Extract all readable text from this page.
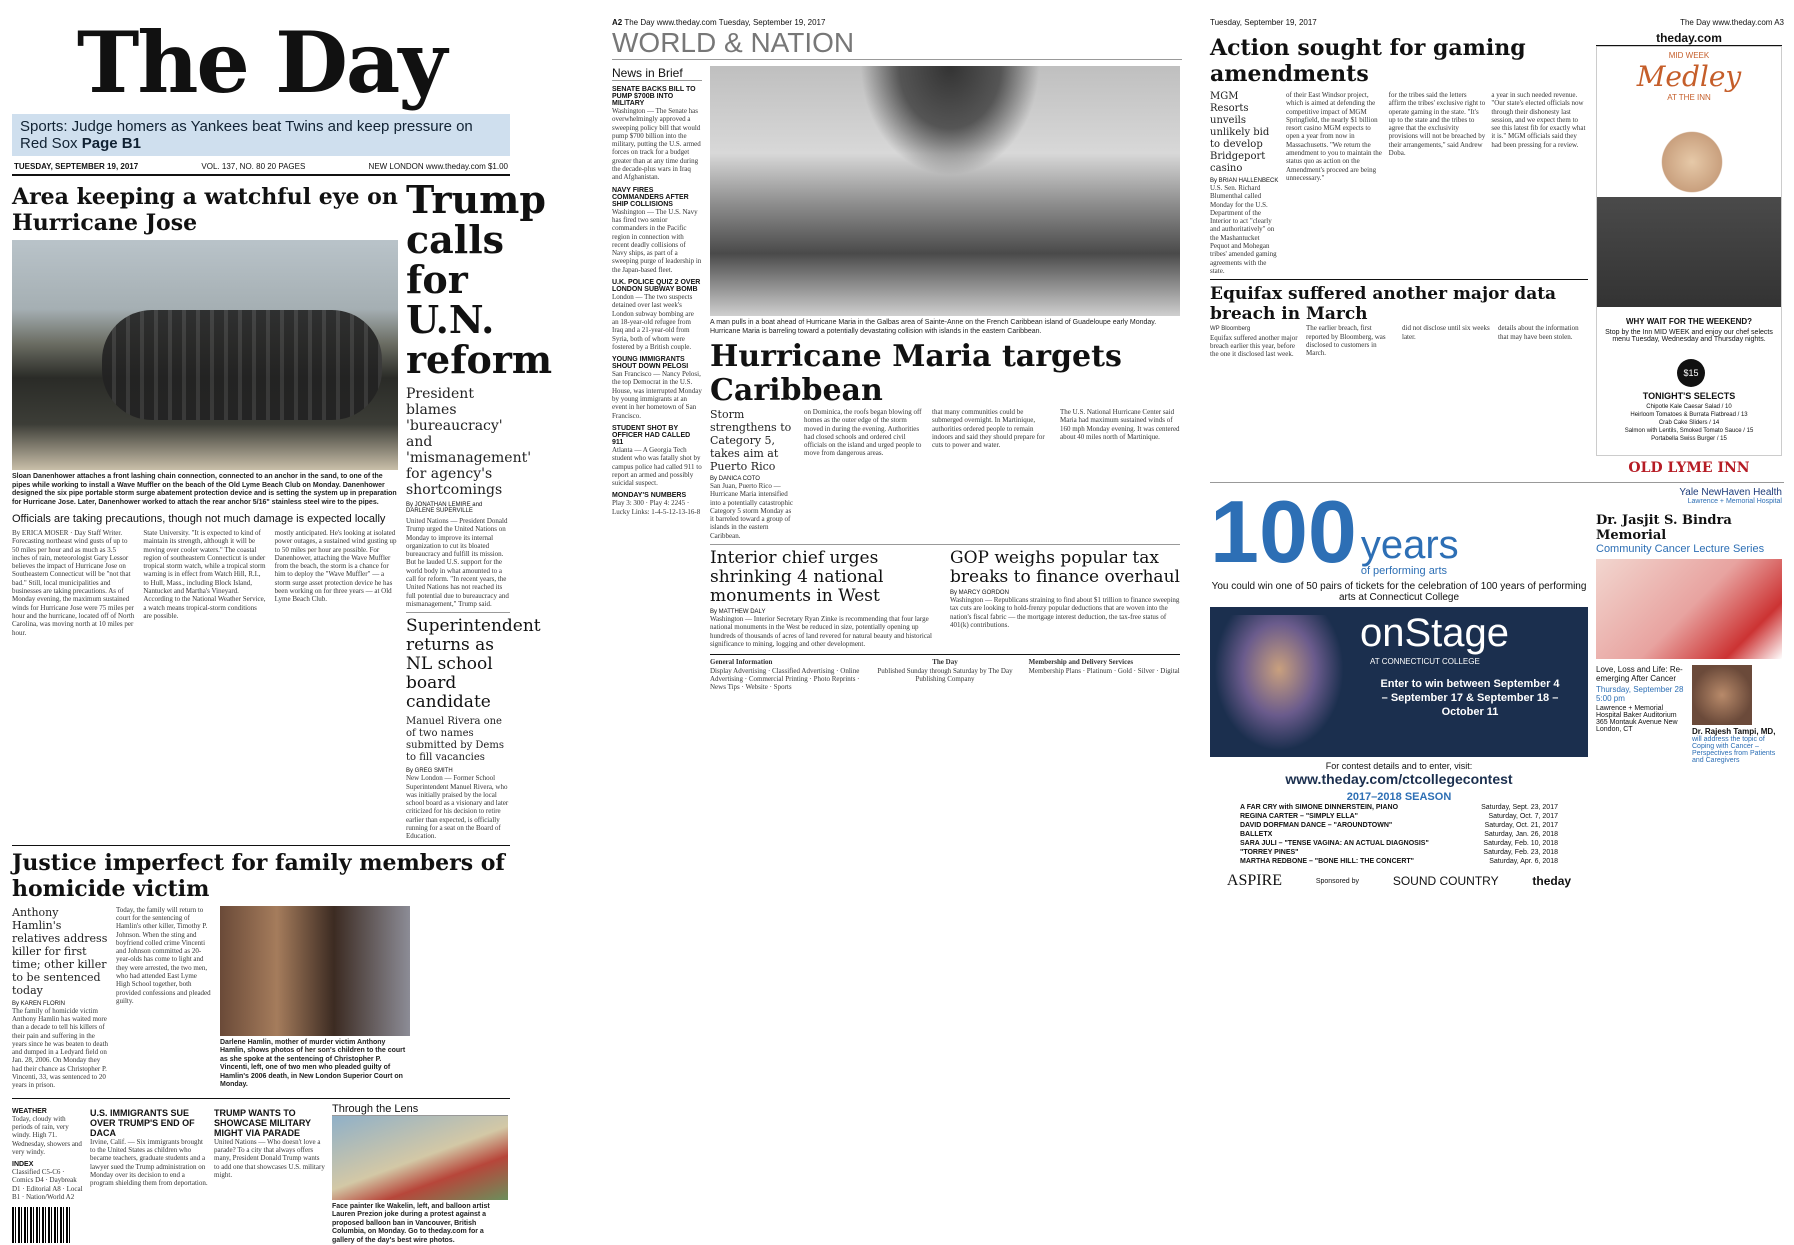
The Day
Sports: Judge homers as Yankees beat Twins and keep pressure on Red Sox Page B1
TUESDAY, SEPTEMBER 19, 2017	VOL. 137, NO. 80 20 PAGES	NEW LONDON www.theday.com $1.00
Area keeping a watchful eye on Hurricane Jose
Sloan Danenhower attaches a front lashing chain connection, connected to an anchor in the sand, to one of the pipes while working to install a Wave Muffler on the beach of the Old Lyme Beach Club on Monday. Danenhower designed the six pipe portable storm surge abatement protection device and is setting the system up in preparation for Hurricane Jose. Later, Danenhower worked to attach the rear anchor 5/16" stainless steel wire to the pipes.
Officials are taking precautions, though not much damage is expected locally
By ERICA MOSER · Day Staff Writer. Forecasting northeast wind gusts of up to 50 miles per hour and as much as 3.5 inches of rain, meteorologist Gary Lessor believes the impact of Hurricane Jose on Southeastern Connecticut will be "not that bad." Still, local municipalities and businesses are taking precautions. As of Monday evening, the maximum sustained winds for Hurricane Jose were 75 miles per hour and the hurricane, located off of North Carolina, was moving north at 10 miles per hour.
State University. "It is expected to kind of maintain its strength, although it will be moving over cooler waters." The coastal region of southeastern Connecticut is under tropical storm watch, while a tropical storm warning is in effect from Watch Hill, R.I., to Hull, Mass., including Block Island, Nantucket and Martha's Vineyard. According to the National Weather Service, a watch means tropical-storm conditions are possible.
mostly anticipated. He's looking at isolated power outages, a sustained wind gusting up to 50 miles per hour are possible. For Danenhower, attaching the Wave Muffler from the beach, the storm is a chance for him to deploy the "Wave Muffler" — a storm surge asset protection device he has been working on for three years — at Old Lyme Beach Club.
Trump calls for U.N. reform
President blames 'bureaucracy' and 'mismanagement' for agency's shortcomings
By JONATHAN LEMIRE and DARLENE SUPERVILLE
United Nations — President Donald Trump urged the United Nations on Monday to improve its internal organization to cut its bloated bureaucracy and fulfill its mission. But he lauded U.S. support for the world body in what amounted to a call for reform. "In recent years, the United Nations has not reached its full potential due to bureaucracy and mismanagement," Trump said.
Superintendent returns as NL school board candidate
Manuel Rivera one of two names submitted by Dems to fill vacancies
By GREG SMITH
New London — Former School Superintendent Manuel Rivera, who was initially praised by the local school board as a visionary and later criticized for his decision to retire earlier than expected, is officially running for a seat on the Board of Education.
Justice imperfect for family members of homicide victim
Anthony Hamlin's relatives address killer for first time; other killer to be sentenced today
By KAREN FLORIN
The family of homicide victim Anthony Hamlin has waited more than a decade to tell his killers of their pain and suffering in the years since he was beaten to death and dumped in a Ledyard field on Jan. 28, 2006. On Monday they had their chance as Christopher P. Vincenti, 33, was sentenced to 20 years in prison.
Today, the family will return to court for the sentencing of Hamlin's other killer, Timothy P. Johnson. When the sting and boyfriend colled crime Vincenti and Johnson committed as 20-year-olds has come to light and they were arrested, the two men, who had attended East Lyme High School together, both provided confessions and pleaded guilty.
Darlene Hamlin, mother of murder victim Anthony Hamlin, shows photos of her son's children to the court as she spoke at the sentencing of Christopher P. Vincenti, left, one of two men who pleaded guilty of Hamlin's 2006 death, in New London Superior Court on Monday.
WEATHER
Today, cloudy with periods of rain, very windy. High 71. Wednesday, showers and very windy.
INDEX
Classified C5-C6 · Comics D4 · Daybreak D1 · Editorial A8 · Local B1 · Nation/World A2
U.S. IMMIGRANTS SUE OVER TRUMP'S END OF DACA
Irvine, Calif. — Six immigrants brought to the United States as children who became teachers, graduate students and a lawyer sued the Trump administration on Monday over its decision to end a program shielding them from deportation.
TRUMP WANTS TO SHOWCASE MILITARY MIGHT VIA PARADE
United Nations — Who doesn't love a parade? To a city that always offers many, President Donald Trump wants to add one that showcases U.S. military might.
Through the Lens
Face painter Ike Wakelin, left, and balloon artist Lauren Prezion joke during a protest against a proposed balloon ban in Vancouver, British Columbia, on Monday. Go to theday.com for a gallery of the day's best wire photos.
A2 The Day www.theday.com Tuesday, September 19, 2017
WORLD & NATION
News in Brief
SENATE BACKS BILL TO PUMP $700B INTO MILITARY
Washington — The Senate has overwhelmingly approved a sweeping policy bill that would pump $700 billion into the military, putting the U.S. armed forces on track for a budget greater than at any time during the decade-plus wars in Iraq and Afghanistan.
NAVY FIRES COMMANDERS AFTER SHIP COLLISIONS
Washington — The U.S. Navy has fired two senior commanders in the Pacific region in connection with recent deadly collisions of Navy ships, as part of a sweeping purge of leadership in the Japan-based fleet.
U.K. POLICE QUIZ 2 OVER LONDON SUBWAY BOMB
London — The two suspects detained over last week's London subway bombing are an 18-year-old refugee from Iraq and a 21-year-old from Syria, both of whom were fostered by a British couple.
YOUNG IMMIGRANTS SHOUT DOWN PELOSI
San Francisco — Nancy Pelosi, the top Democrat in the U.S. House, was interrupted Monday by young immigrants at an event in her hometown of San Francisco.
STUDENT SHOT BY OFFICER HAD CALLED 911
Atlanta — A Georgia Tech student who was fatally shot by campus police had called 911 to report an armed and possibly suicidal suspect.
MONDAY'S NUMBERS
Play 3: 300 · Play 4: 2245 · Lucky Links: 1-4-5-12-13-16-8
A man pulls in a boat ahead of Hurricane Maria in the Galbas area of Sainte-Anne on the French Caribbean island of Guadeloupe early Monday. Hurricane Maria is barreling toward a potentially devastating collision with islands in the eastern Caribbean.
Hurricane Maria targets Caribbean
Storm strengthens to Category 5, takes aim at Puerto Rico
By DANICA COTO
San Juan, Puerto Rico — Hurricane Maria intensified into a potentially catastrophic Category 5 storm Monday as it barreled toward a group of islands in the eastern Caribbean.
on Dominica, the roofs began blowing off homes as the outer edge of the storm moved in during the evening. Authorities had closed schools and ordered civil officials on the island and urged people to move from dangerous areas.
that many communities could be submerged overnight. In Martinique, authorities ordered people to remain indoors and said they should prepare for cuts to power and water.
The U.S. National Hurricane Center said Maria had maximum sustained winds of 160 mph Monday evening. It was centered about 40 miles north of Martinique.
Interior chief urges shrinking 4 national monuments in West
By MATTHEW DALY
Washington — Interior Secretary Ryan Zinke is recommending that four large national monuments in the West be reduced in size, potentially opening up hundreds of thousands of acres of land revered for natural beauty and historical significance to mining, logging and other development.
GOP weighs popular tax breaks to finance overhaul
By MARCY GORDON
Washington — Republicans straining to find about $1 trillion to finance sweeping tax cuts are looking to hold-frenzy popular deductions that are woven into the nation's fiscal fabric — the mortgage interest deduction, the tax-free status of 401(k) contributions.
General Information
Display Advertising · Classified Advertising · Online Advertising · Commercial Printing · Photo Reprints · News Tips · Website · Sports
The Day
Published Sunday through Saturday by The Day Publishing Company
Membership and Delivery Services
Membership Plans · Platinum · Gold · Silver · Digital
Tuesday, September 19, 2017	The Day www.theday.com A3
Action sought for gaming amendments
MGM Resorts unveils unlikely bid to develop Bridgeport casino
By BRIAN HALLENBECK
U.S. Sen. Richard Blumenthal called Monday for the U.S. Department of the Interior to act "clearly and authoritatively" on the Mashantucket Pequot and Mohegan tribes' amended gaming agreements with the state.
of their East Windsor project, which is aimed at defending the competitive impact of MGM Springfield, the nearly $1 billion resort casino MGM expects to open a year from now in Massachusetts. "We return the amendment to you to maintain the status quo as action on the Amendment's proceed are being unnecessary."
for the tribes said the letters affirm the tribes' exclusive right to operate gaming in the state. "It's up to the state and the tribes to agree that the exclusivity provisions will not be breached by their arrangements," said Andrew Doba.
a year in such needed revenue. "Our state's elected officials now through their dishonesty last session, and we expect them to see this latest fib for exactly what it is." MGM officials said they had been pressing for a review.
Equifax suffered another major data breach in March
WP Bloomberg
Equifax suffered another major breach earlier this year, before the one it disclosed last week.
The earlier breach, first reported by Bloomberg, was disclosed to customers in March.
did not disclose until six weeks later.
details about the information that may have been stolen.
theday.com
MID WEEK
Medley
AT THE INN
WHY WAIT FOR THE WEEKEND?
Stop by the Inn MID WEEK and enjoy our chef selects menu Tuesday, Wednesday and Thursday nights.
$15
TONIGHT'S SELECTS
Chipotle Kale Caesar Salad / 10
Heirloom Tomatoes & Burrata Flatbread / 13
Crab Cake Sliders / 14
Salmon with Lentils, Smoked Tomato Sauce / 15
Portabella Swiss Burger / 15
OLD LYME INN
100 years
of performing arts
You could win one of 50 pairs of tickets for the celebration of 100 years of performing arts at Connecticut College
onStage
AT CONNECTICUT COLLEGE
Enter to win between September 4 – September 17 & September 18 – October 11
For contest details and to enter, visit:
www.theday.com/ctcollegecontest
2017–2018 SEASON
A FAR CRY with SIMONE DINNERSTEIN, PIANO	Saturday, Sept. 23, 2017
REGINA CARTER – "SIMPLY ELLA"	Saturday, Oct. 7, 2017
DAVID DORFMAN DANCE – "AROUNDTOWN"	Saturday, Oct. 21, 2017
BALLETX	Saturday, Jan. 26, 2018
SARA JULI – "TENSE VAGINA: AN ACTUAL DIAGNOSIS"	Saturday, Feb. 10, 2018
"TORREY PINES"	Saturday, Feb. 23, 2018
MARTHA REDBONE – "BONE HILL: THE CONCERT"	Saturday, Apr. 6, 2018
ASPIRE	Sponsored by	SOUND COUNTRY	theday
Yale NewHaven Health
Lawrence + Memorial Hospital
Dr. Jasjit S. Bindra Memorial
Community Cancer Lecture Series
Love, Loss and Life: Re-emerging After Cancer
Thursday, September 28 5:00 pm
Lawrence + Memorial Hospital Baker Auditorium 365 Montauk Avenue New London, CT	Dr. Rajesh Tampi, MD,
will address the topic of Coping with Cancer – Perspectives from Patients and Caregivers
